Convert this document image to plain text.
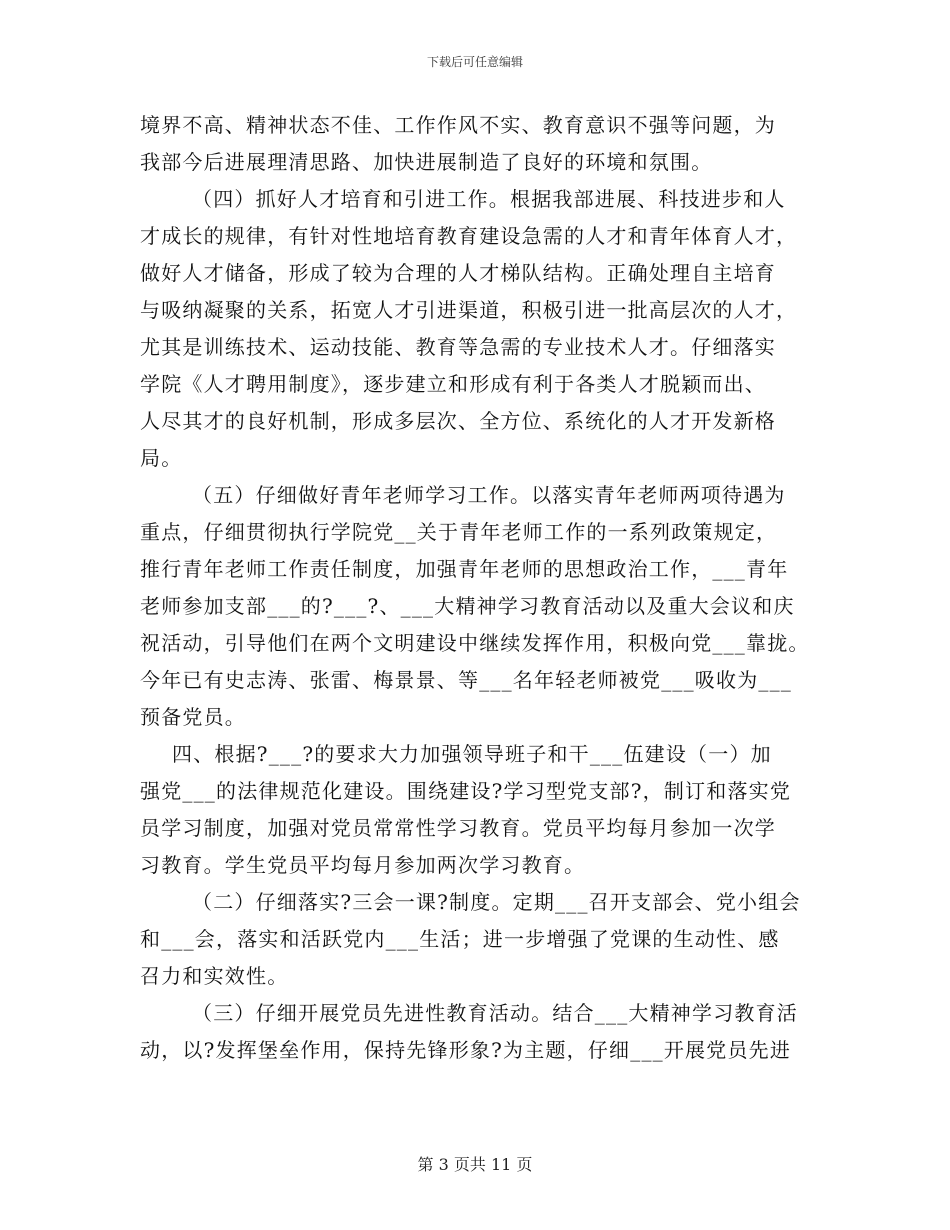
下载后可任意编辑
境界不高、精神状态不佳、工作作风不实、教育意识不强等问题，为
我部今后进展理清思路、加快进展制造了良好的环境和氛围。
（四）抓好人才培育和引进工作。根据我部进展、科技进步和人
才成长的规律，有针对性地培育教育建设急需的人才和青年体育人才，
做好人才储备，形成了较为合理的人才梯队结构。正确处理自主培育
与吸纳凝聚的关系，拓宽人才引进渠道，积极引进一批高层次的人才，
尤其是训练技术、运动技能、教育等急需的专业技术人才。仔细落实
学院《人才聘用制度》，逐步建立和形成有利于各类人才脱颖而出、
人尽其才的良好机制，形成多层次、全方位、系统化的人才开发新格
局。
（五）仔细做好青年老师学习工作。以落实青年老师两项待遇为
重点，仔细贯彻执行学院党__关于青年老师工作的一系列政策规定，
推行青年老师工作责任制度，加强青年老师的思想政治工作，___青年
老师参加支部___的?___?、___大精神学习教育活动以及重大会议和庆
祝活动，引导他们在两个文明建设中继续发挥作用，积极向党___靠拢。
今年已有史志涛、张雷、梅景景、等___名年轻老师被党___吸收为___
预备党员。
四、根据?___?的要求大力加强领导班子和干___伍建设（一）加
强党___的法律规范化建设。围绕建设?学习型党支部?，制订和落实党
员学习制度，加强对党员常常性学习教育。党员平均每月参加一次学
习教育。学生党员平均每月参加两次学习教育。
（二）仔细落实?三会一课?制度。定期___召开支部会、党小组会
和___会，落实和活跃党内___生活；进一步增强了党课的生动性、感
召力和实效性。
（三）仔细开展党员先进性教育活动。结合___大精神学习教育活
动，以?发挥堡垒作用，保持先锋形象?为主题，仔细___开展党员先进
第 3 页共 11 页
